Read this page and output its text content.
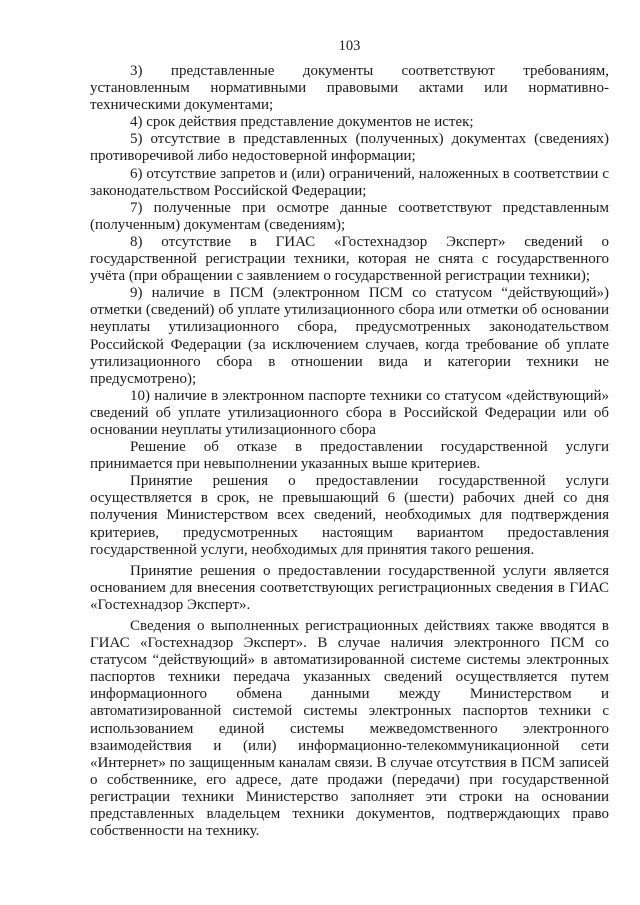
103

3) представленные документы соответствуют требованиям, установленным нормативными правовыми актами или нормативно-техническими документами;

4) срок действия представление документов не истек;

5) отсутствие в представленных (полученных) документах (сведениях) противоречивой либо недостоверной информации;

6) отсутствие запретов и (или) ограничений, наложенных в соответствии с законодательством Российской Федерации;

7) полученные при осмотре данные соответствуют представленным (полученным) документам (сведениям);

8) отсутствие в ГИАС «Гостехнадзор Эксперт» сведений о государственной регистрации техники, которая не снята с государственного учёта (при обращении с заявлением о государственной регистрации техники);

9) наличие в ПСМ (электронном ПСМ со статусом “действующий») отметки (сведений) об уплате утилизационного сбора или отметки об основании неуплаты утилизационного сбора, предусмотренных законодательством Российской Федерации (за исключением случаев, когда требование об уплате утилизационного сбора в отношении вида и категории техники не предусмотрено);

10) наличие в электронном паспорте техники со статусом «действующий» сведений об уплате утилизационного сбора в Российской Федерации или об основании неуплаты утилизационного сбора

Решение об отказе в предоставлении государственной услуги принимается при невыполнении указанных выше критериев.

Принятие решения о предоставлении государственной услуги осуществляется в срок, не превышающий 6 (шести) рабочих дней со дня получения Министерством всех сведений, необходимых для подтверждения критериев, предусмотренных настоящим вариантом предоставления государственной услуги, необходимых для принятия такого решения.

Принятие решения о предоставлении государственной услуги является основанием для внесения соответствующих регистрационных сведения в ГИАС «Гостехнадзор Эксперт».

Сведения о выполненных регистрационных действиях также вводятся в ГИАС «Гостехнадзор Эксперт». В случае наличия электронного ПСМ со статусом “действующий» в автоматизированной системе системы электронных паспортов техники передача указанных сведений осуществляется путем информационного обмена данными между Министерством и автоматизированной системой системы электронных паспортов техники с использованием единой системы межведомственного электронного взаимодействия и (или) информационно-телекоммуникационной сети «Интернет» по защищенным каналам связи. В случае отсутствия в ПСМ записей о собственнике, его адресе, дате продажи (передачи) при государственной регистрации техники Министерство заполняет эти строки на основании представленных владельцем техники документов, подтверждающих право собственности на технику.
